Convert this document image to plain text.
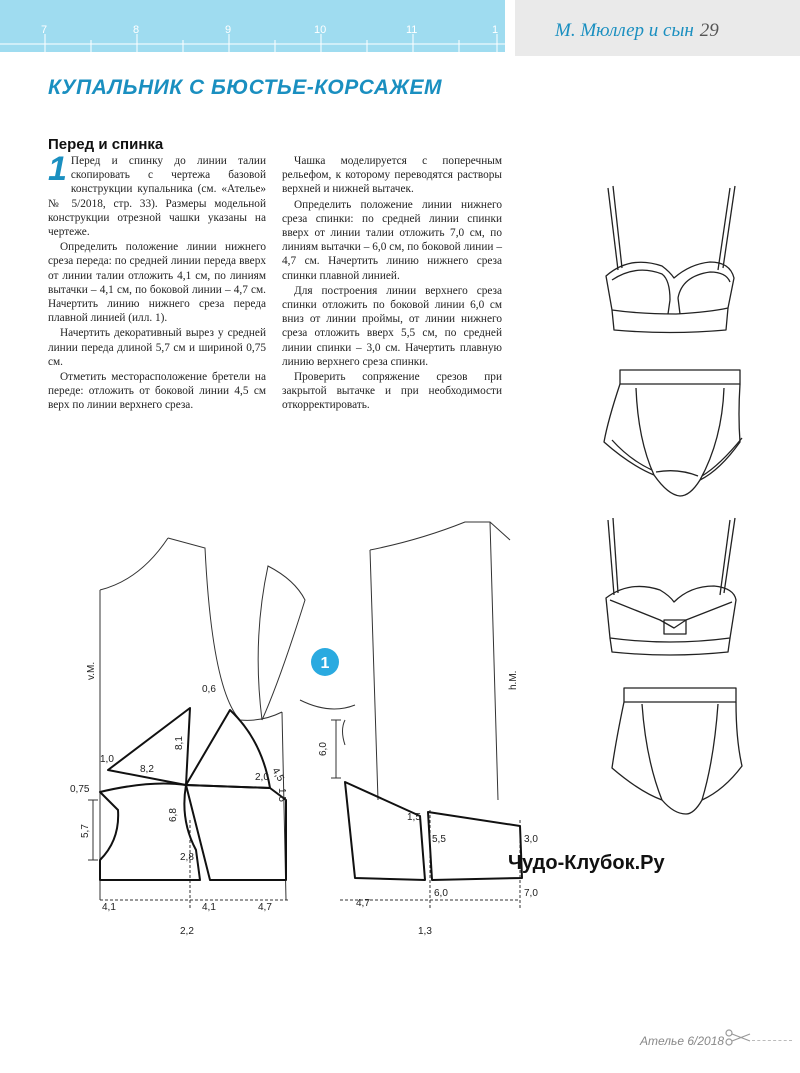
7	8	9	10	11	1	М. Мюллер и сын 29
КУПАЛЬНИК С БЮСТЬЕ-КОРСАЖЕМ
Перед и спинка

1 Перед и спинку до линии талии скопировать с чертежа базовой конструкции купальника (см. «Ателье» № 5/2018, стр. 33). Размеры модельной конструкции отрезной чашки указаны на чертеже.

Определить положение линии нижнего среза переда: по средней линии переда вверх от линии талии отложить 4,1 см, по линиям вытачки – 4,1 см, по боковой линии – 4,7 см. Начертить линию нижнего среза переда плавной линией (илл. 1).

Начертить декоративный вырез у средней линии переда длиной 5,7 см и шириной 0,75 см.

Отметить месторасположение бретели на переде: отложить от боковой линии 4,5 см верх по линии верхнего среза.

Чашка моделируется с поперечным рельефом, к которому переводятся растворы верхней и нижней вытачек.

Определить положение линии нижнего среза спинки: по средней линии спинки вверх от линии талии отложить 7,0 см, по линиям вытачки – 6,0 см, по боковой линии – 4,7 см. Начертить линию нижнего среза спинки плавной линией.

Для построения линии верхнего среза спинки отложить по боковой линии 6,0 см вниз от линии проймы, от линии нижнего среза отложить вверх 5,5 см, по средней линии спинки – 3,0 см. Начертить плавную линию верхнего среза спинки.

Проверить сопряжение срезов при закрытой вытачке и при необходимости откорректировать.

1
v.M.	h.M.
0,6
8,1
1,0
8,2	4,5
2,0
1,5
0,75
5,7
6,8
2,8
4,1	4,1	4,7
2,2
6,0
1,5
5,5	3,0
6,0	7,0
4,7
1,3
Чудо-Клубок.Ру
Ателье 6/2018
